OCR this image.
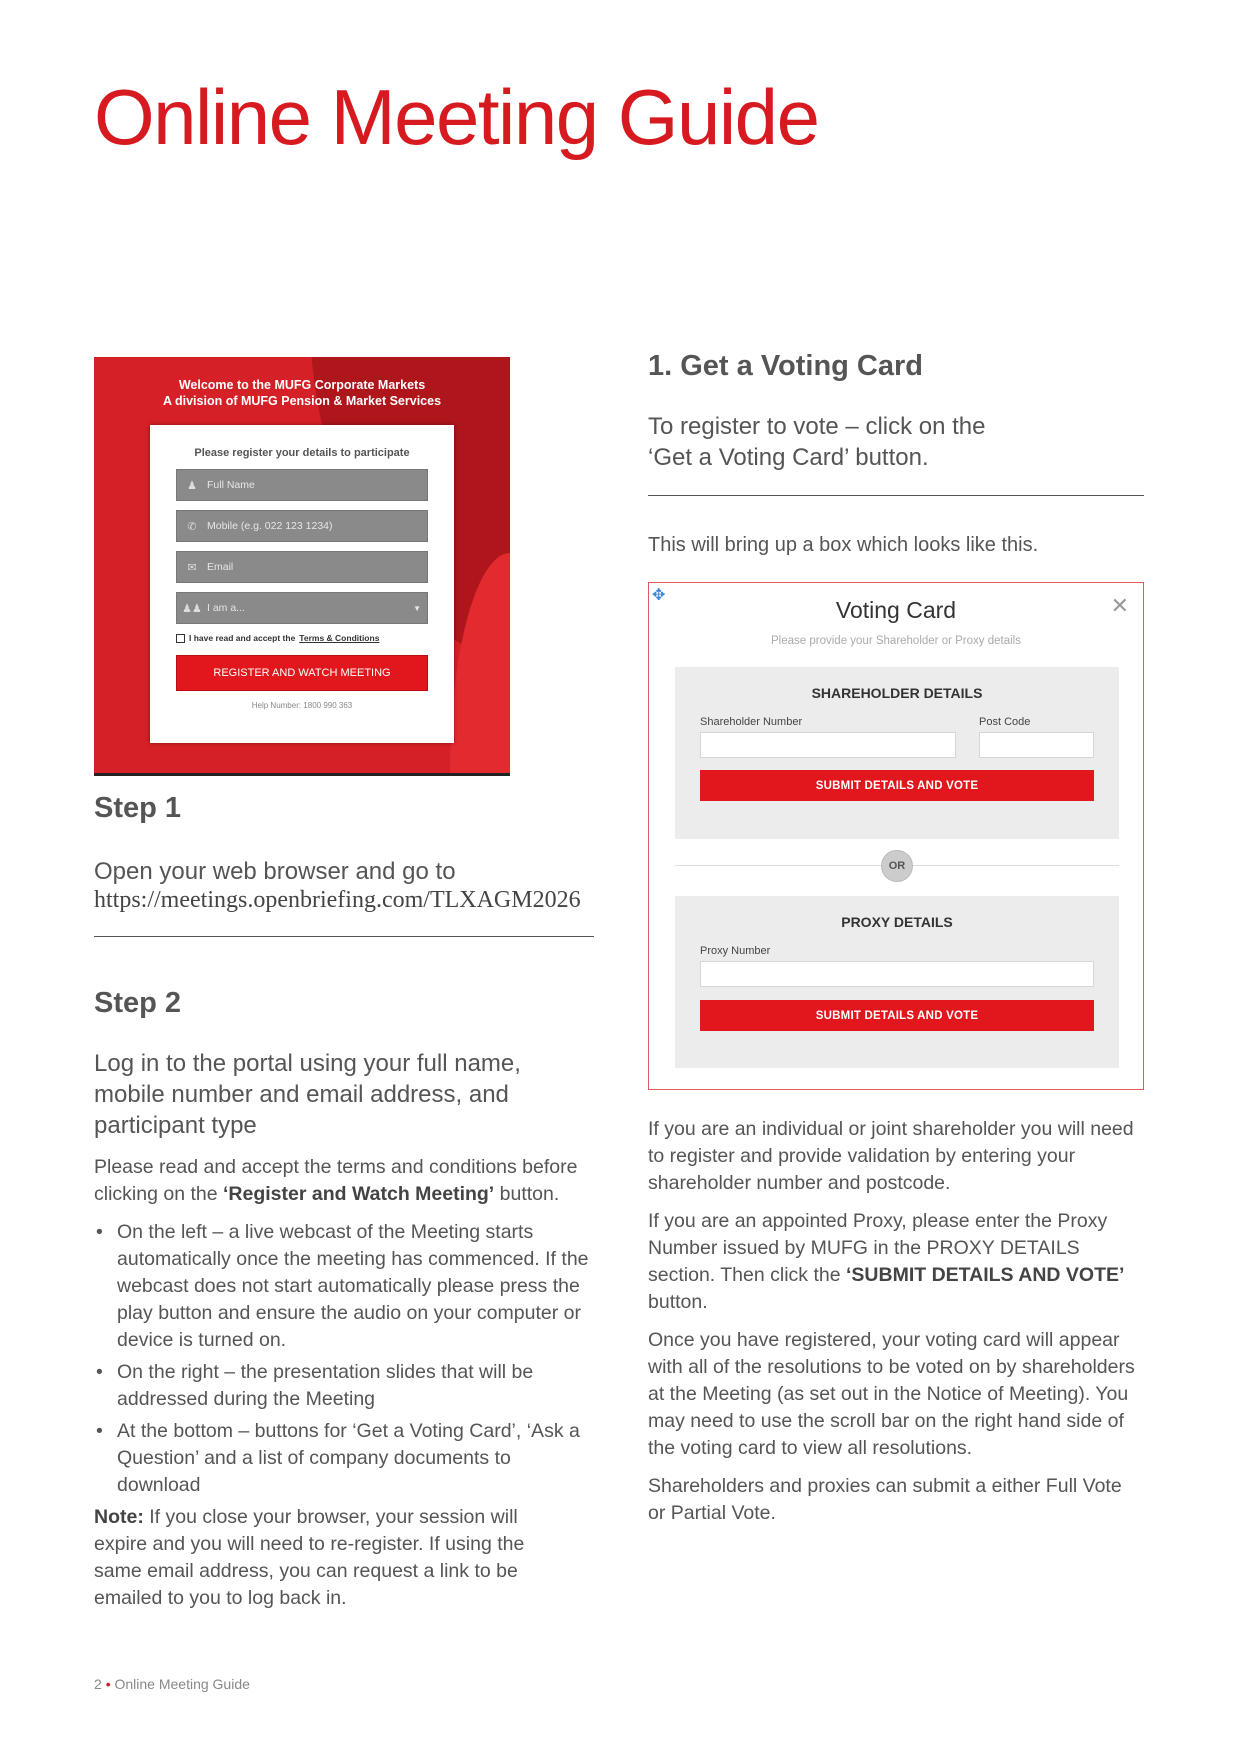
Online Meeting Guide
Welcome to the MUFG Corporate Markets
A division of MUFG Pension & Market Services
Please register your details to participate
♟ Full Name
✆ Mobile (e.g. 022 123 1234)
✉ Email
♟♟ I am a...	▼
I have read and accept the Terms & Conditions
REGISTER AND WATCH MEETING
Help Number: 1800 990 363
Step 1

Open your web browser and go to

https://meetings.openbriefing.com/TLXAGM2026
Step 2

Log in to the portal using your full name, mobile number and email address, and participant type

Please read and accept the terms and conditions before clicking on the ‘Register and Watch Meeting’ button.

• On the left – a live webcast of the Meeting starts automatically once the meeting has commenced. If the webcast does not start automatically please press the play button and ensure the audio on your computer or device is turned on.
• On the right – the presentation slides that will be addressed during the Meeting
• At the bottom – buttons for ‘Get a Voting Card’, ‘Ask a Question’ and a list of company documents to download

Note: If you close your browser, your session will expire and you will need to re-register. If using the same email address, you can request a link to be emailed to you to log back in.

2 • Online Meeting Guide
1. Get a Voting Card

To register to vote – click on the ‘Get a Voting Card’ button.

This will bring up a box which looks like this.

✥	✕
Voting Card
Please provide your Shareholder or Proxy details
SHAREHOLDER DETAILS
Shareholder Number	Post Code
SUBMIT DETAILS AND VOTE
OR
PROXY DETAILS
Proxy Number
SUBMIT DETAILS AND VOTE

If you are an individual or joint shareholder you will need to register and provide validation by entering your shareholder number and postcode.

If you are an appointed Proxy, please enter the Proxy Number issued by MUFG in the PROXY DETAILS section. Then click the ‘SUBMIT DETAILS AND VOTE’ button.

Once you have registered, your voting card will appear with all of the resolutions to be voted on by shareholders at the Meeting (as set out in the Notice of Meeting). You may need to use the scroll bar on the right hand side of the voting card to view all resolutions.

Shareholders and proxies can submit a either Full Vote or Partial Vote.
